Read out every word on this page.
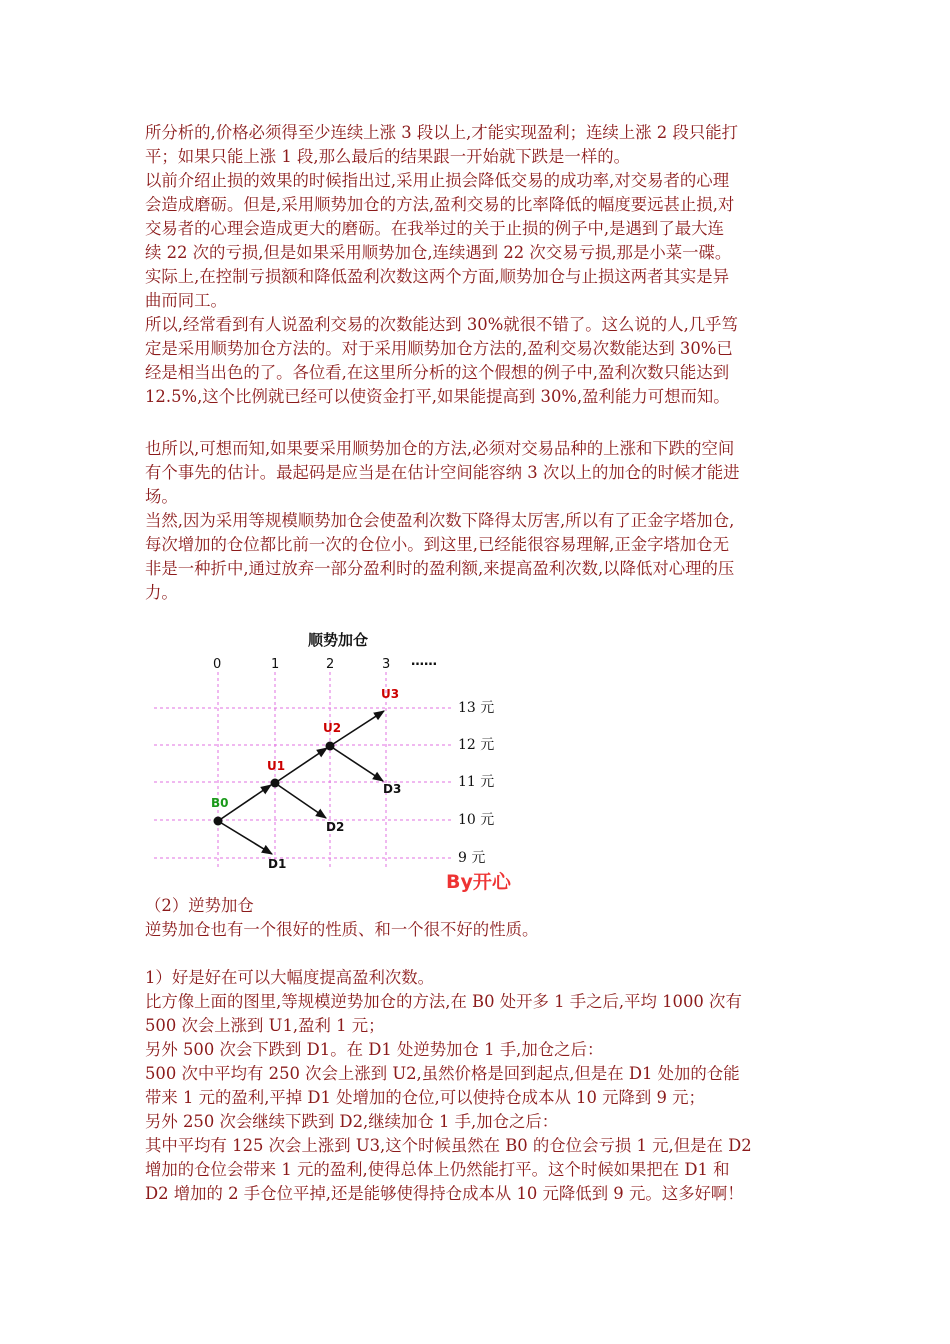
所分析的,价格必须得至少连续上涨 3 段以上,才能实现盈利；连续上涨 2 段只能打
平；如果只能上涨 1 段,那么最后的结果跟一开始就下跌是一样的。
以前介绍止损的效果的时候指出过,采用止损会降低交易的成功率,对交易者的心理
会造成磨砺。但是,采用顺势加仓的方法,盈利交易的比率降低的幅度要远甚止损,对
交易者的心理会造成更大的磨砺。在我举过的关于止损的例子中,是遇到了最大连
续 22 次的亏损,但是如果采用顺势加仓,连续遇到 22 次交易亏损,那是小菜一碟。
实际上,在控制亏损额和降低盈利次数这两个方面,顺势加仓与止损这两者其实是异
曲而同工。
所以,经常看到有人说盈利交易的次数能达到 30%就很不错了。这么说的人,几乎笃
定是采用顺势加仓方法的。对于采用顺势加仓方法的,盈利交易次数能达到 30%已
经是相当出色的了。各位看,在这里所分析的这个假想的例子中,盈利次数只能达到
12.5%,这个比例就已经可以使资金打平,如果能提高到 30%,盈利能力可想而知。
也所以,可想而知,如果要采用顺势加仓的方法,必须对交易品种的上涨和下跌的空间
有个事先的估计。最起码是应当是在估计空间能容纳 3 次以上的加仓的时候才能进
场。
当然,因为采用等规模顺势加仓会使盈利次数下降得太厉害,所以有了正金字塔加仓,
每次增加的仓位都比前一次的仓位小。到这里,已经能很容易理解,正金字塔加仓无
非是一种折中,通过放弃一部分盈利时的盈利额,来提高盈利次数,以降低对心理的压
力。
顺势加仓
0	1	2	3 ……
13 元
12 元
11 元
10 元
9 元
B0
U1
U2
U3
D1
D2
D3
By开心
（2）逆势加仓
逆势加仓也有一个很好的性质、和一个很不好的性质。
1）好是好在可以大幅度提高盈利次数。
比方像上面的图里,等规模逆势加仓的方法,在 B0 处开多 1 手之后,平均 1000 次有
500 次会上涨到 U1,盈利 1 元；
另外 500 次会下跌到 D1。在 D1 处逆势加仓 1 手,加仓之后：
500 次中平均有 250 次会上涨到 U2,虽然价格是回到起点,但是在 D1 处加的仓能
带来 1 元的盈利,平掉 D1 处增加的仓位,可以使持仓成本从 10 元降到 9 元；
另外 250 次会继续下跌到 D2,继续加仓 1 手,加仓之后：
其中平均有 125 次会上涨到 U3,这个时候虽然在 B0 的仓位会亏损 1 元,但是在 D2
增加的仓位会带来 1 元的盈利,使得总体上仍然能打平。这个时候如果把在 D1 和
D2 增加的 2 手仓位平掉,还是能够使得持仓成本从 10 元降低到 9 元。这多好啊！
